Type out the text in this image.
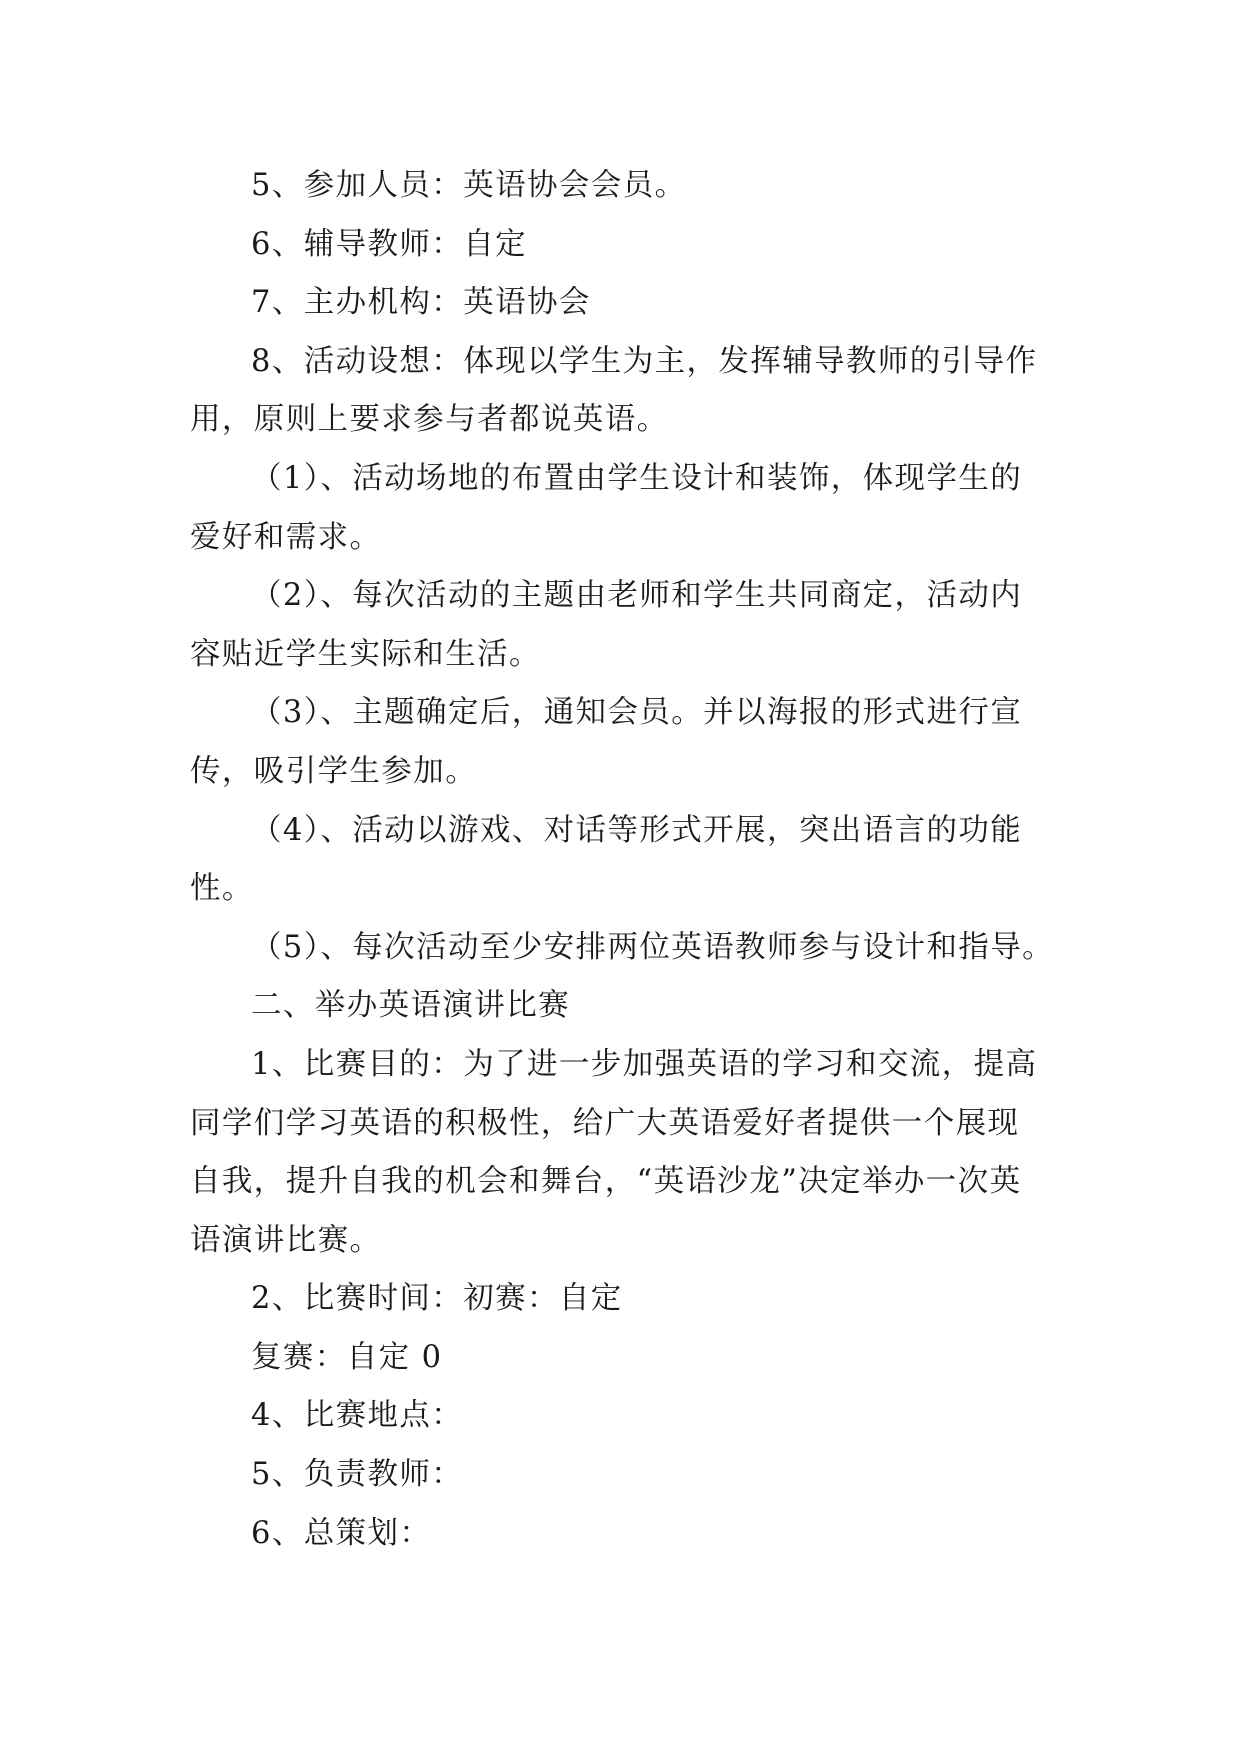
5、参加人员：英语协会会员。

6、辅导教师：自定

7、主办机构：英语协会

8、活动设想：体现以学生为主，发挥辅导教师的引导作用，原则上要求参与者都说英语。

（1）、活动场地的布置由学生设计和装饰，体现学生的爱好和需求。

（2）、每次活动的主题由老师和学生共同商定，活动内容贴近学生实际和生活。

（3）、主题确定后，通知会员。并以海报的形式进行宣传，吸引学生参加。

（4）、活动以游戏、对话等形式开展，突出语言的功能性。

（5）、每次活动至少安排两位英语教师参与设计和指导。

二、举办英语演讲比赛

1、比赛目的：为了进一步加强英语的学习和交流，提高同学们学习英语的积极性，给广大英语爱好者提供一个展现自我，提升自我的机会和舞台，“英语沙龙”决定举办一次英语演讲比赛。

2、比赛时间：初赛：自定

复赛：自定 0

4、比赛地点：

5、负责教师：

6、总策划：
